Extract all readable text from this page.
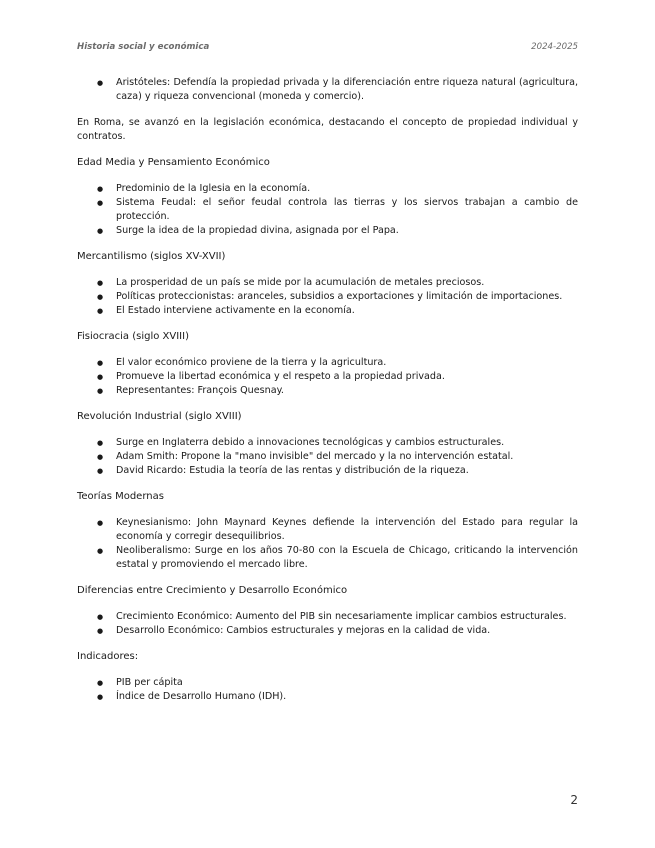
Historia social y económica	2024-2025
● Aristóteles: Defendía la propiedad privada y la diferenciación entre riqueza natural (agricultura, caza) y riqueza convencional (moneda y comercio).

En Roma, se avanzó en la legislación económica, destacando el concepto de propiedad individual y contratos.

Edad Media y Pensamiento Económico

● Predominio de la Iglesia en la economía.
● Sistema Feudal: el señor feudal controla las tierras y los siervos trabajan a cambio de protección.
● Surge la idea de la propiedad divina, asignada por el Papa.

Mercantilismo (siglos XV-XVII)

● La prosperidad de un país se mide por la acumulación de metales preciosos.
● Políticas proteccionistas: aranceles, subsidios a exportaciones y limitación de importaciones.
● El Estado interviene activamente en la economía.

Fisiocracia (siglo XVIII)

● El valor económico proviene de la tierra y la agricultura.
● Promueve la libertad económica y el respeto a la propiedad privada.
● Representantes: François Quesnay.

Revolución Industrial (siglo XVIII)

● Surge en Inglaterra debido a innovaciones tecnológicas y cambios estructurales.
● Adam Smith: Propone la "mano invisible" del mercado y la no intervención estatal.
● David Ricardo: Estudia la teoría de las rentas y distribución de la riqueza.

Teorías Modernas

● Keynesianismo: John Maynard Keynes defiende la intervención del Estado para regular la economía y corregir desequilibrios.
● Neoliberalismo: Surge en los años 70-80 con la Escuela de Chicago, criticando la intervención estatal y promoviendo el mercado libre.

Diferencias entre Crecimiento y Desarrollo Económico

● Crecimiento Económico: Aumento del PIB sin necesariamente implicar cambios estructurales.
● Desarrollo Económico: Cambios estructurales y mejoras en la calidad de vida.

Indicadores:

● PIB per cápita
● Índice de Desarrollo Humano (IDH).
2
